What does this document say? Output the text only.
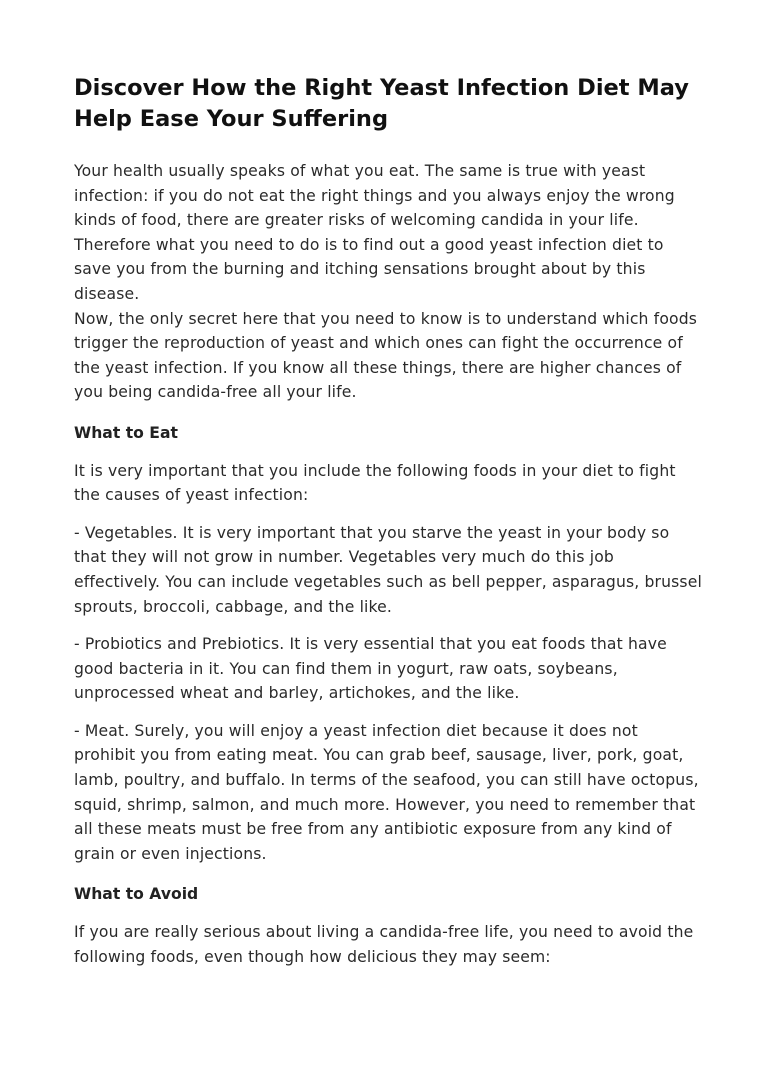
Discover How the Right Yeast Infection Diet May Help Ease Your Suffering

Your health usually speaks of what you eat. The same is true with yeast infection: if you do not eat the right things and you always enjoy the wrong kinds of food, there are greater risks of welcoming candida in your life. Therefore what you need to do is to find out a good yeast infection diet to save you from the burning and itching sensations brought about by this disease.

Now, the only secret here that you need to know is to understand which foods trigger the reproduction of yeast and which ones can fight the occurrence of the yeast infection. If you know all these things, there are higher chances of you being candida-free all your life.

What to Eat

It is very important that you include the following foods in your diet to fight the causes of yeast infection:

- Vegetables. It is very important that you starve the yeast in your body so that they will not grow in number. Vegetables very much do this job effectively. You can include vegetables such as bell pepper, asparagus, brussel sprouts, broccoli, cabbage, and the like.

- Probiotics and Prebiotics. It is very essential that you eat foods that have good bacteria in it. You can find them in yogurt, raw oats, soybeans, unprocessed wheat and barley, artichokes, and the like.

- Meat. Surely, you will enjoy a yeast infection diet because it does not prohibit you from eating meat. You can grab beef, sausage, liver, pork, goat, lamb, poultry, and buffalo. In terms of the seafood, you can still have octopus, squid, shrimp, salmon, and much more. However, you need to remember that all these meats must be free from any antibiotic exposure from any kind of grain or even injections.

What to Avoid

If you are really serious about living a candida-free life, you need to avoid the following foods, even though how delicious they may seem:
